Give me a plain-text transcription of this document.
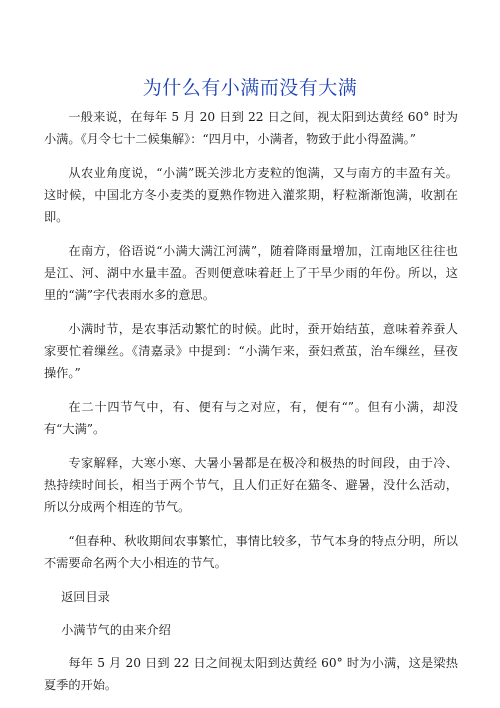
为什么有小满而没有大满

一般来说，在每年 5 月 20 日到 22 日之间，视太阳到达黄经 60° 时为小满。《月令七十二候集解》：“四月中，小满者，物致于此小得盈满。”

从农业角度说，“小满”既关涉北方麦粒的饱满，又与南方的丰盈有关。这时候，中国北方冬小麦类的夏熟作物进入灌浆期，籽粒渐渐饱满，收割在即。

在南方，俗语说“小满大满江河满”，随着降雨量增加，江南地区往往也是江、河、湖中水量丰盈。否则便意味着赶上了干旱少雨的年份。所以，这里的“满”字代表雨水多的意思。

小满时节，是农事活动繁忙的时候。此时，蚕开始结茧，意味着养蚕人家要忙着缫丝。《清嘉录》中提到：“小满乍来，蚕妇煮茧，治车缫丝，昼夜操作。”

在二十四节气中，有、便有与之对应，有，便有“”。但有小满，却没有“大满”。

专家解释，大寒小寒、大暑小暑都是在极冷和极热的时间段，由于冷、热持续时间长，相当于两个节气，且人们正好在猫冬、避暑，没什么活动，所以分成两个相连的节气。

“但春种、秋收期间农事繁忙，事情比较多，节气本身的特点分明，所以不需要命名两个大小相连的节气。

返回目录

小满节气的由来介绍

每年 5 月 20 日到 22 日之间视太阳到达黄经 60° 时为小满，这是梁热夏季的开始。
